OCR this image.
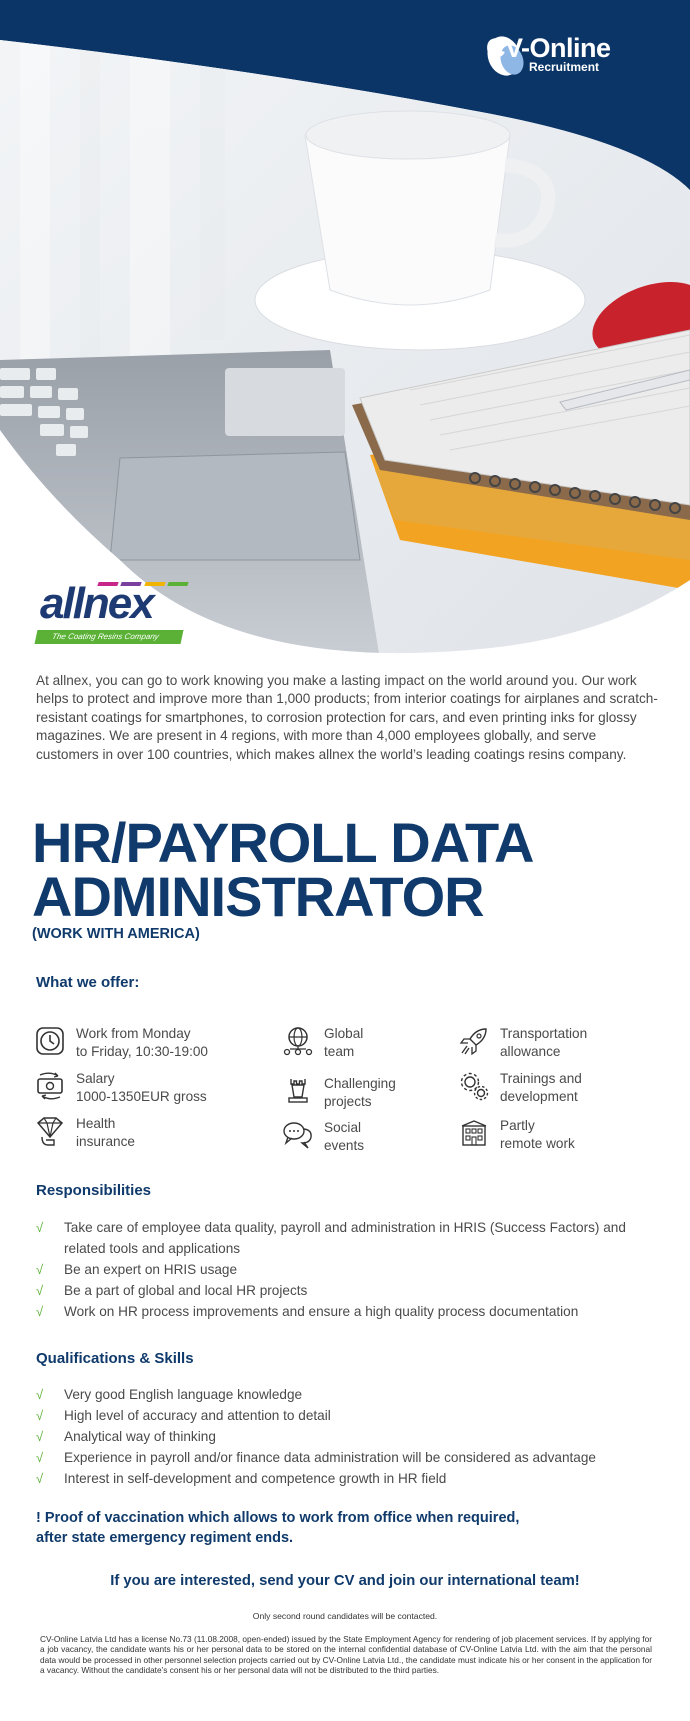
CV-Online
Recruitment
allnex
The Coating Resins Company

At allnex, you can go to work knowing you make a lasting impact on the world around you. Our work helps to protect and improve more than 1,000 products; from interior coatings for airplanes and scratch-resistant coatings for smartphones, to corrosion protection for cars, and even printing inks for glossy magazines. We are present in 4 regions, with more than 4,000 employees globally, and serve customers in over 100 countries, which makes allnex the world’s leading coatings resins company.

HR/PAYROLL DATA
ADMINISTRATOR
(WORK WITH AMERICA)
What we offer:
Work from Monday
to Friday, 10:30-19:00
Salary
1000-1350EUR gross
Health
insurance
Global
team
Challenging
projects
Social
events
Transportation
allowance
Trainings and
development
Partly
remote work
Responsibilities
√ Take care of employee data quality, payroll and administration in HRIS (Success Factors) and related tools and applications
√ Be an expert on HRIS usage
√ Be a part of global and local HR projects
√ Work on HR process improvements and ensure a high quality process documentation
Qualifications & Skills
√ Very good English language knowledge
√ High level of accuracy and attention to detail
√ Analytical way of thinking
√ Experience in payroll and/or finance data administration will be considered as advantage
√ Interest in self-development and competence growth in HR field
! Proof of vaccination which allows to work from office when required,
after state emergency regiment ends.
If you are interested, send your CV and join our international team!
Only second round candidates will be contacted.

CV-Online Latvia Ltd has a license No.73 (11.08.2008, open-ended) issued by the State Employment Agency for rendering of job placement services. If by applying for a job vacancy, the candidate wants his or her personal data to be stored on the internal confidential database of CV-Online Latvia Ltd. with the aim that the personal data would be processed in other personnel selection projects carried out by CV-Online Latvia Ltd., the candidate must indicate his or her consent in the application for a vacancy. Without the candidate’s consent his or her personal data will not be distributed to the third parties.
